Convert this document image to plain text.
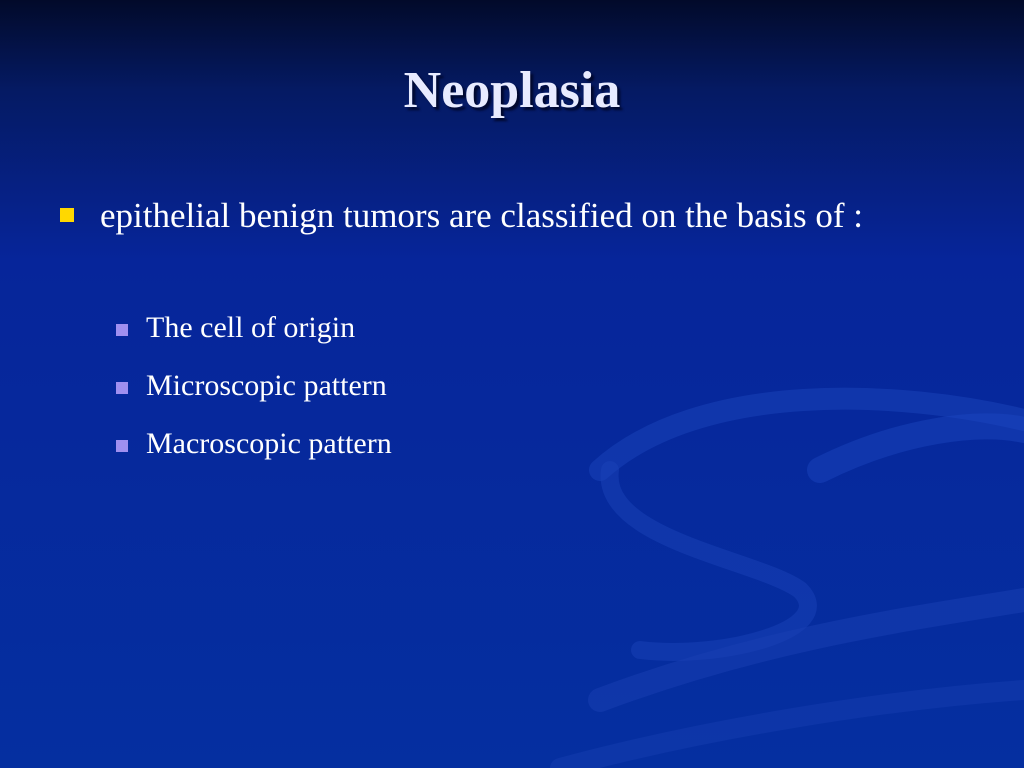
Neoplasia
epithelial benign tumors are classified on the basis of :
The cell of origin
Microscopic pattern
Macroscopic pattern
